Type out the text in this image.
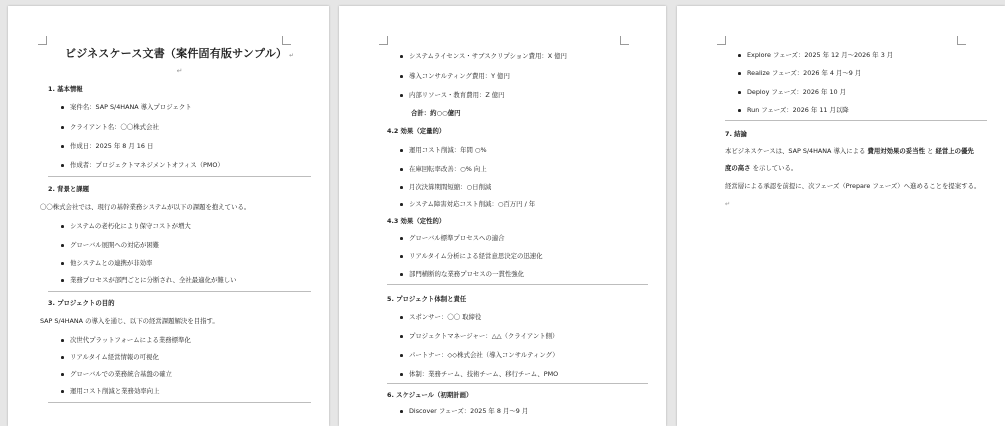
ビジネスケース文書（案件固有版サンプル） ↵
↵
1. 基本情報
案件名：SAP S/4HANA 導入プロジェクト
クライアント名：〇〇株式会社
作成日：2025 年 8 月 16 日
作成者：プロジェクトマネジメントオフィス（PMO）
2. 背景と課題
〇〇株式会社では、現行の基幹業務システムが以下の課題を抱えている。
システムの老朽化により保守コストが増大
グローバル展開への対応が困難
他システムとの連携が非効率
業務プロセスが部門ごとに分断され、全社最適化が難しい
3. プロジェクトの目的
SAP S/4HANA の導入を通じ、以下の経営課題解決を目指す。
次世代プラットフォームによる業務標準化
リアルタイム経営情報の可視化
グローバルでの業務統合基盤の確立
運用コスト削減と業務効率向上
システムライセンス・サブスクリプション費用：X 億円
導入コンサルティング費用：Y 億円
内部リソース・教育費用：Z 億円
合計：約○○億円
4.2 効果（定量的）
運用コスト削減：年間 ○%
在庫回転率改善：○% 向上
月次決算期間短縮：○日削減
システム障害対応コスト削減：○百万円 / 年
4.3 効果（定性的）
グローバル標準プロセスへの適合
リアルタイム分析による経営意思決定の迅速化
部門横断的な業務プロセスの一貫性強化
5. プロジェクト体制と責任
スポンサー：〇〇 取締役
プロジェクトマネージャー：△△（クライアント側）
パートナー：◇◇株式会社（導入コンサルティング）
体制：業務チーム、技術チーム、移行チーム、PMO
6. スケジュール（初期計画）
Discover フェーズ：2025 年 8 月～9 月
Explore フェーズ：2025 年 12 月～2026 年 3 月
Realize フェーズ：2026 年 4 月～9 月
Deploy フェーズ：2026 年 10 月
Run フェーズ：2026 年 11 月以降
7. 結論
本ビジネスケースは、SAP S/4HANA 導入による 費用対効果の妥当性 と 経営上の優先
度の高さ を示している。
経営層による承認を前提に、次フェーズ（Prepare フェーズ）へ進めることを提案する。
↵
